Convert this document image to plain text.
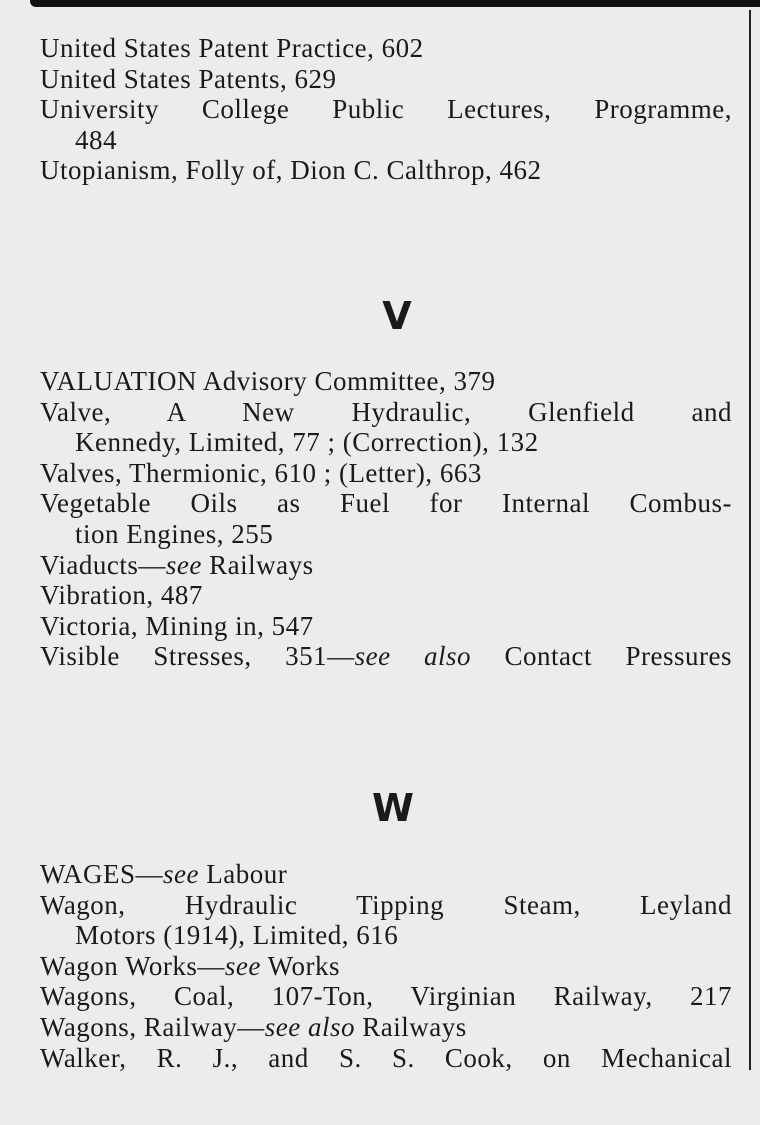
United States Patent Practice, 602
United States Patents, 629
University College Public Lectures, Programme,
484
Utopianism, Folly of, Dion C. Calthrop, 462
V
VALUATION Advisory Committee, 379
Valve, A New Hydraulic, Glenfield and
Kennedy, Limited, 77 ; (Correction), 132
Valves, Thermionic, 610 ; (Letter), 663
Vegetable Oils as Fuel for Internal Combus-
tion Engines, 255
Viaducts—see Railways
Vibration, 487
Victoria, Mining in, 547
Visible Stresses, 351—see also Contact Pressures
W
WAGES—see Labour
Wagon, Hydraulic Tipping Steam, Leyland
Motors (1914), Limited, 616
Wagon Works—see Works
Wagons, Coal, 107-Ton, Virginian Railway, 217
Wagons, Railway—see also Railways
Walker, R. J., and S. S. Cook, on Mechanical
